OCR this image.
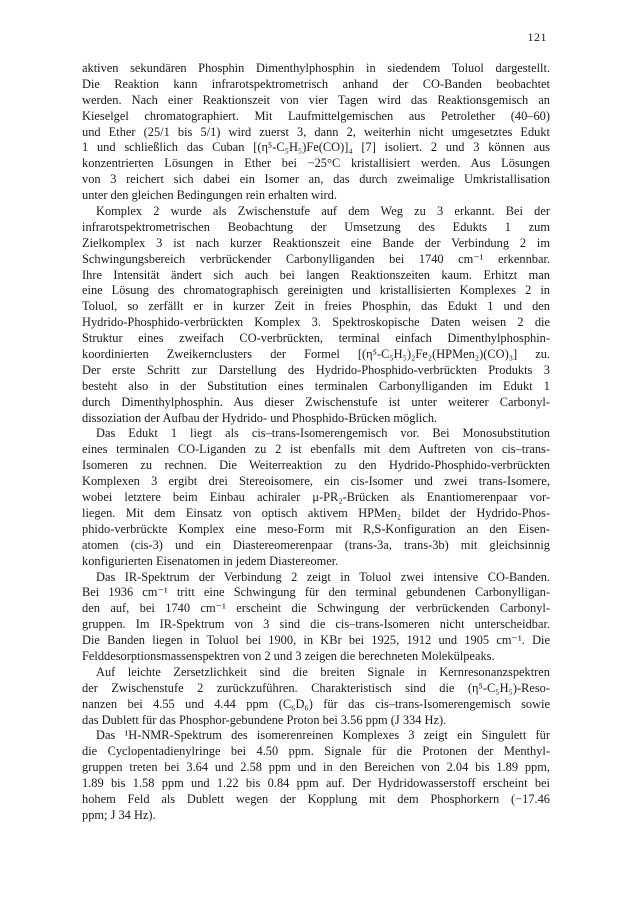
121
aktiven sekundären Phosphin Dimenthylphosphin in siedendem Toluol dargestellt.
Die Reaktion kann infrarotspektrometrisch anhand der CO-Banden beobachtet
werden. Nach einer Reaktionszeit von vier Tagen wird das Reaktionsgemisch an
Kieselgel chromatographiert. Mit Laufmittelgemischen aus Petrolether (40–60)
und Ether (25/1 bis 5/1) wird zuerst 3, dann 2, weiterhin nicht umgesetztes Edukt
1 und schließlich das Cuban [(η⁵-C₅H₅)Fe(CO)]₄ [7] isoliert. 2 und 3 können aus
konzentrierten Lösungen in Ether bei −25°C kristallisiert werden. Aus Lösungen
von 3 reichert sich dabei ein Isomer an, das durch zweimalige Umkristallisation
unter den gleichen Bedingungen rein erhalten wird.
Komplex 2 wurde als Zwischenstufe auf dem Weg zu 3 erkannt. Bei der
infrarotspektrometrischen Beobachtung der Umsetzung des Edukts 1 zum
Zielkomplex 3 ist nach kurzer Reaktionszeit eine Bande der Verbindung 2 im
Schwingungsbereich verbrückender Carbonylliganden bei 1740 cm⁻¹ erkennbar.
Ihre Intensität ändert sich auch bei langen Reaktionszeiten kaum. Erhitzt man
eine Lösung des chromatographisch gereinigten und kristallisierten Komplexes 2 in
Toluol, so zerfällt er in kurzer Zeit in freies Phosphin, das Edukt 1 und den
Hydrido-Phosphido-verbrückten Komplex 3. Spektroskopische Daten weisen 2 die
Struktur eines zweifach CO-verbrückten, terminal einfach Dimenthylphosphin-
koordinierten Zweikernclusters der Formel [(η⁵-C₅H₅)₂Fe₂(HPMen₂)(CO)₃] zu.
Der erste Schritt zur Darstellung des Hydrido-Phosphido-verbrückten Produkts 3
besteht also in der Substitution eines terminalen Carbonylliganden im Edukt 1
durch Dimenthylphosphin. Aus dieser Zwischenstufe ist unter weiterer Carbonyl-
dissoziation der Aufbau der Hydrido- und Phosphido-Brücken möglich.
Das Edukt 1 liegt als cis–trans-Isomerengemisch vor. Bei Monosubstitution
eines terminalen CO-Liganden zu 2 ist ebenfalls mit dem Auftreten von cis–trans-
Isomeren zu rechnen. Die Weiterreaktion zu den Hydrido-Phosphido-verbrückten
Komplexen 3 ergibt drei Stereoisomere, ein cis-Isomer und zwei trans-Isomere,
wobei letztere beim Einbau achiraler μ-PR₂-Brücken als Enantiomerenpaar vor-
liegen. Mit dem Einsatz von optisch aktivem HPMen₂ bildet der Hydrido-Phos-
phido-verbrückte Komplex eine meso-Form mit R,S-Konfiguration an den Eisen-
atomen (cis-3) und ein Diastereomerenpaar (trans-3a, trans-3b) mit gleichsinnig
konfigurierten Eisenatomen in jedem Diastereomer.
Das IR-Spektrum der Verbindung 2 zeigt in Toluol zwei intensive CO-Banden.
Bei 1936 cm⁻¹ tritt eine Schwingung für den terminal gebundenen Carbonylligan-
den auf, bei 1740 cm⁻¹ erscheint die Schwingung der verbrückenden Carbonyl-
gruppen. Im IR-Spektrum von 3 sind die cis–trans-Isomeren nicht unterscheidbar.
Die Banden liegen in Toluol bei 1900, in KBr bei 1925, 1912 und 1905 cm⁻¹. Die
Felddesorptionsmassenspektren von 2 und 3 zeigen die berechneten Molekülpeaks.
Auf leichte Zersetzlichkeit sind die breiten Signale in Kernresonanzspektren
der Zwischenstufe 2 zurückzuführen. Charakteristisch sind die (η⁵-C₅H₅)-Reso-
nanzen bei 4.55 und 4.44 ppm (C₆D₆) für das cis–trans-Isomerengemisch sowie
das Dublett für das Phosphor-gebundene Proton bei 3.56 ppm (J 334 Hz).
Das ¹H-NMR-Spektrum des isomerenreinen Komplexes 3 zeigt ein Singulett für
die Cyclopentadienylringe bei 4.50 ppm. Signale für die Protonen der Menthyl-
gruppen treten bei 3.64 und 2.58 ppm und in den Bereichen von 2.04 bis 1.89 ppm,
1.89 bis 1.58 ppm und 1.22 bis 0.84 ppm auf. Der Hydridowasserstoff erscheint bei
hohem Feld als Dublett wegen der Kopplung mit dem Phosphorkern (−17.46
ppm; J 34 Hz).
